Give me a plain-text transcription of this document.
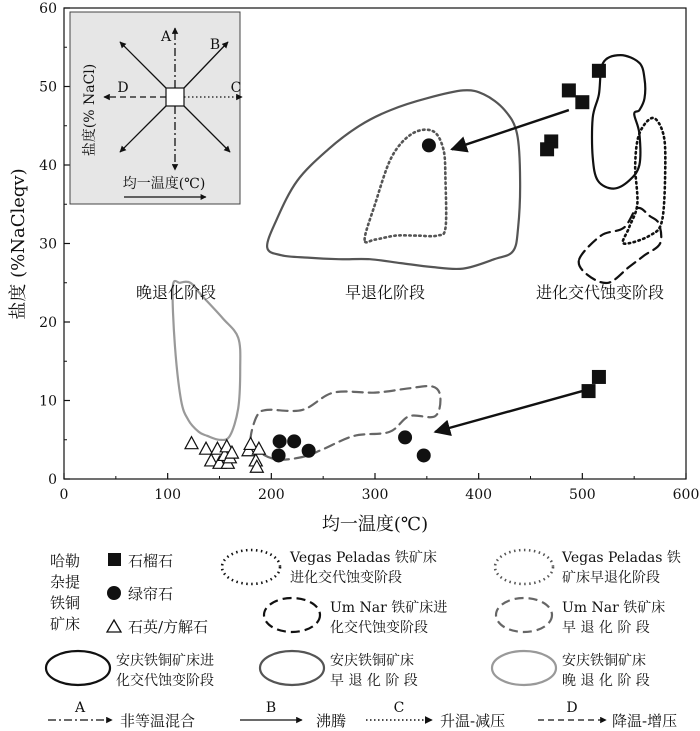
0	100	200	300	400	500	600
0
10
20
30
40
50
60
均一温度(℃)
盐度 (%NaCleqv)	晚退化阶段	早退化阶段	进化交代蚀变阶段
A	B
C
D
盐度(% NaCl)
均一温度(℃)
哈勒
杂提
铁铜
矿床
石榴石
绿帘石
石英/方解石
Vegas Peladas 铁矿床
进化交代蚀变阶段
Vegas Peladas 铁
矿床早退化阶段
Um Nar 铁矿床进
化交代蚀变阶段
Um Nar 铁矿床
早 退 化 阶 段
安庆铁铜矿床进
化交代蚀变阶段
安庆铁铜矿床
早 退 化 阶 段
安庆铁铜矿床
晚 退 化 阶 段
A
非等温混合
B
沸腾
C
升温-减压
D
降温-增压
